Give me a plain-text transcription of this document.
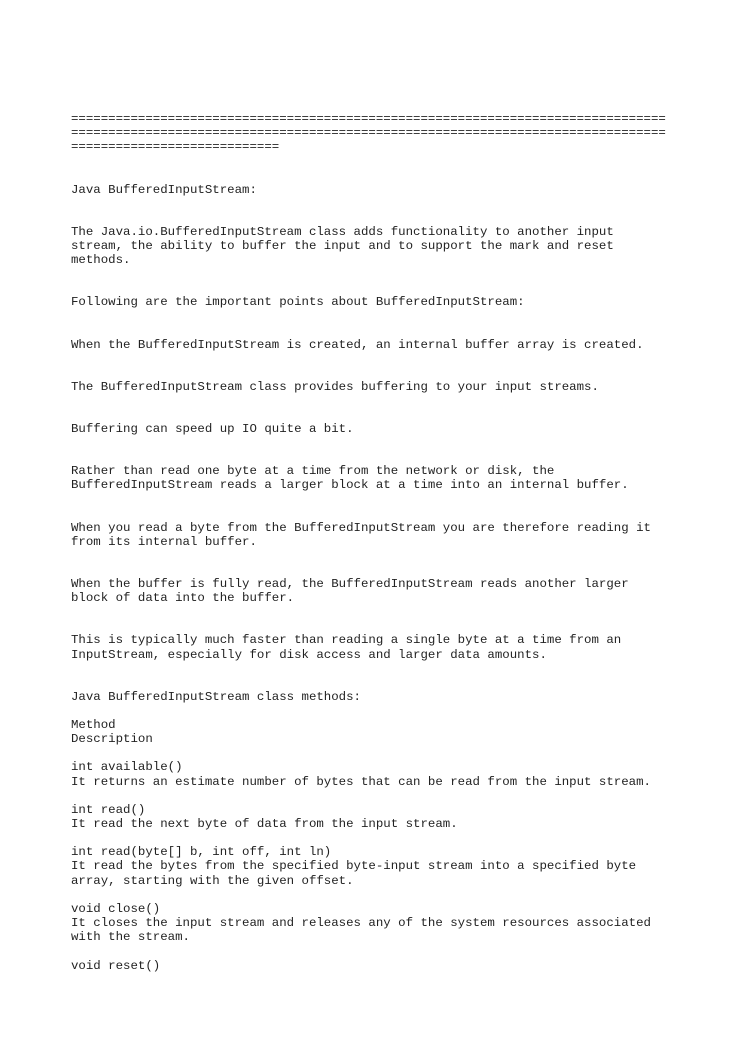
================================================================================
================================================================================
============================
Java BufferedInputStream:
The Java.io.BufferedInputStream class adds functionality to another input
stream, the ability to buffer the input and to support the mark and reset
methods.
Following are the important points about BufferedInputStream:
When the BufferedInputStream is created, an internal buffer array is created.
The BufferedInputStream class provides buffering to your input streams.
Buffering can speed up IO quite a bit.
Rather than read one byte at a time from the network or disk, the
BufferedInputStream reads a larger block at a time into an internal buffer.
When you read a byte from the BufferedInputStream you are therefore reading it
from its internal buffer.
When the buffer is fully read, the BufferedInputStream reads another larger
block of data into the buffer.
This is typically much faster than reading a single byte at a time from an
InputStream, especially for disk access and larger data amounts.
Java BufferedInputStream class methods:
Method
Description
int available()
It returns an estimate number of bytes that can be read from the input stream.
int read()
It read the next byte of data from the input stream.
int read(byte[] b, int off, int ln)
It read the bytes from the specified byte-input stream into a specified byte
array, starting with the given offset.
void close()
It closes the input stream and releases any of the system resources associated
with the stream.
void reset()
